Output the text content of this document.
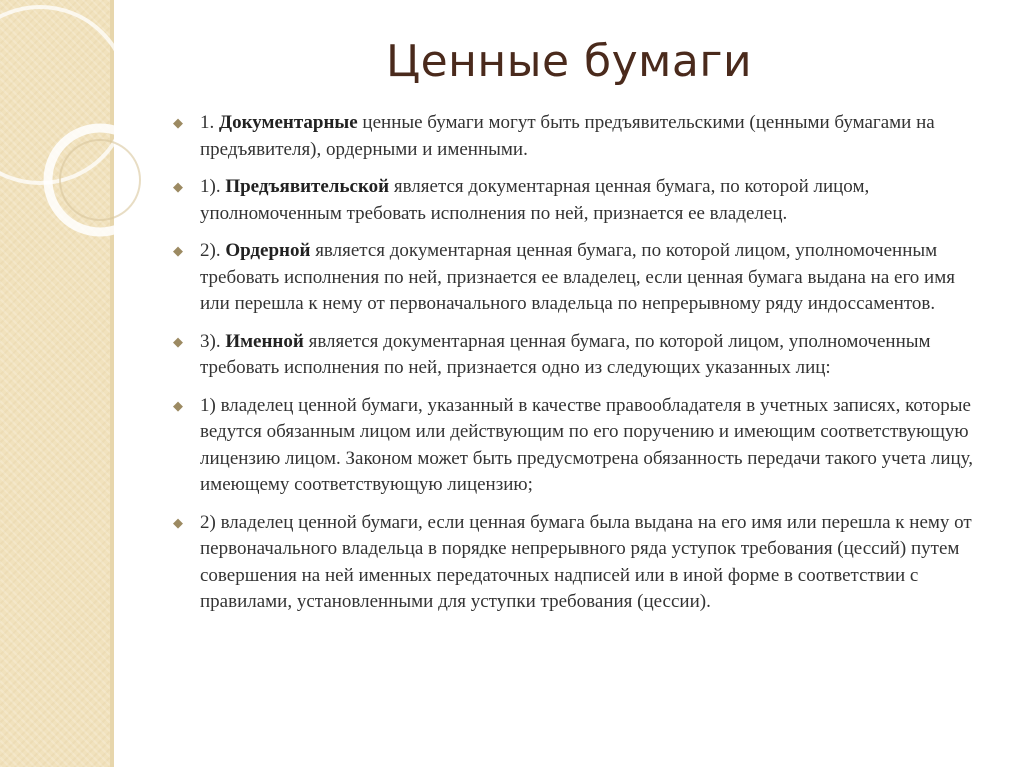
Ценные бумаги
◆ 1. Документарные ценные бумаги могут быть предъявительскими (ценными бумагами на предъявителя), ордерными и именными.
◆ 1). Предъявительской является документарная ценная бумага, по которой лицом, уполномоченным требовать исполнения по ней, признается ее владелец.
◆ 2). Ордерной является документарная ценная бумага, по которой лицом, уполномоченным требовать исполнения по ней, признается ее владелец, если ценная бумага выдана на его имя или перешла к нему от первоначального владельца по непрерывному ряду индоссаментов.
◆ 3). Именной является документарная ценная бумага, по которой лицом, уполномоченным требовать исполнения по ней, признается одно из следующих указанных лиц:
◆ 1) владелец ценной бумаги, указанный в качестве правообладателя в учетных записях, которые ведутся обязанным лицом или действующим по его поручению и имеющим соответствующую лицензию лицом. Законом может быть предусмотрена обязанность передачи такого учета лицу, имеющему соответствующую лицензию;
◆ 2) владелец ценной бумаги, если ценная бумага была выдана на его имя или перешла к нему от первоначального владельца в порядке непрерывного ряда уступок требования (цессий) путем совершения на ней именных передаточных надписей или в иной форме в соответствии с правилами, установленными для уступки требования (цессии).
